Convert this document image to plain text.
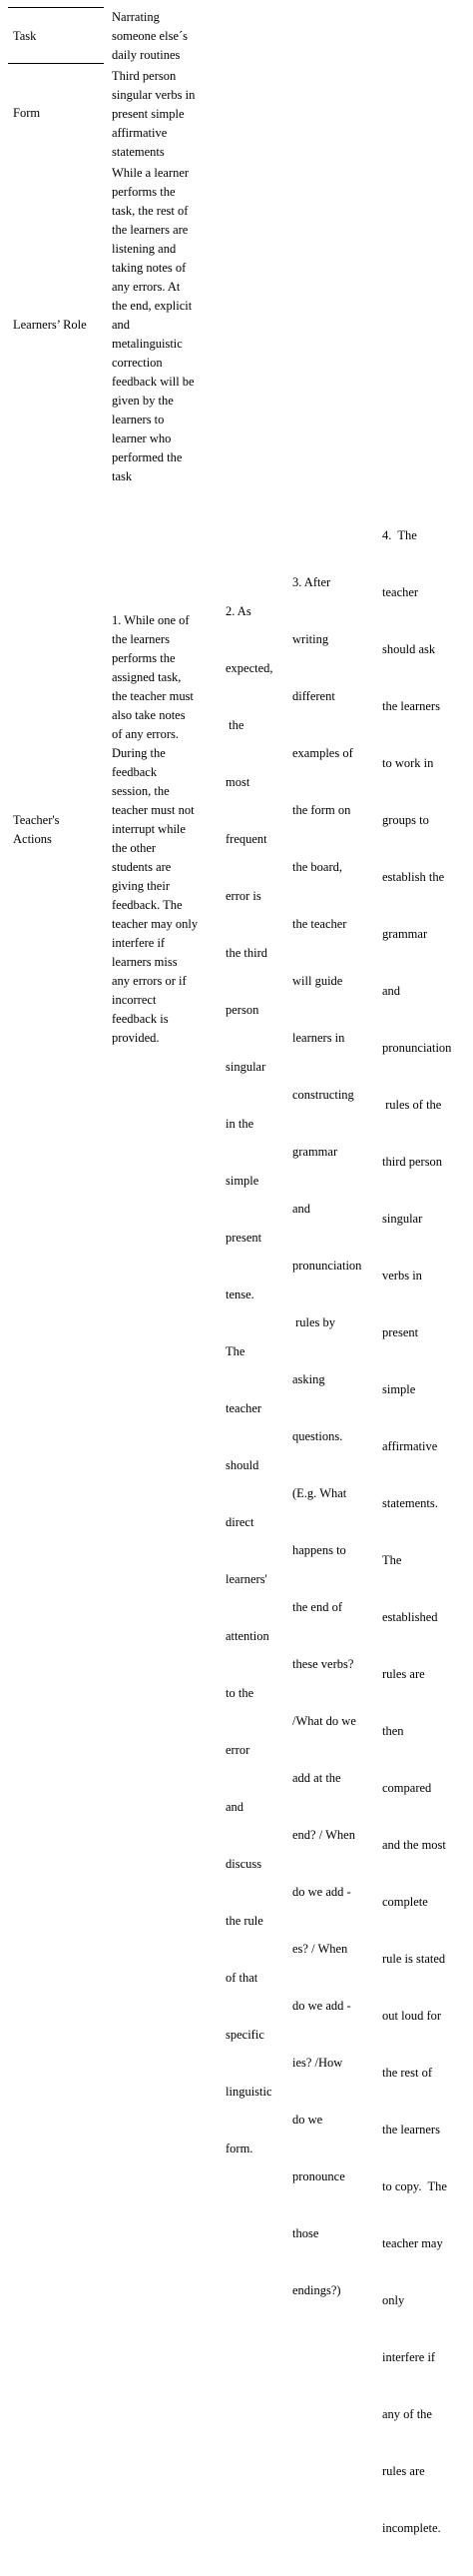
Task
Narrating
someone else´s
daily routines
Form
Third person
singular verbs in
present simple
affirmative
statements
Learners’ Role
While a learner
performs the
task, the rest of
the learners are
listening and
taking notes of
any errors. At
the end, explicit
and
metalinguistic
correction
feedback will be
given by the
learners to
learner who
performed the
task
Teacher's
Actions
1. While one of
the learners
performs the
assigned task,
the teacher must
also take notes
of any errors.
During the
feedback
session, the
teacher must not
interrupt while
the other
students are
giving their
feedback. The
teacher may only
interfere if
learners miss
any errors or if
incorrect
feedback is
provided.

2. As

expected,

the

most

frequent

error is

the third

person

singular

in the

simple

present

tense.

The

teacher

should

direct

learners'

attention

to the

error

and

discuss

the rule

of that

specific

linguistic

form.

3. After

writing

different

examples of

the form on

the board,

the teacher

will guide

learners in

constructing

grammar

and

pronunciation

rules by

asking

questions.

(E.g. What

happens to

the end of

these verbs?

/What do we

add at the

end? / When

do we add -

es? / When

do we add -

ies? /How

do we

pronounce

those

endings?)

4.  The

teacher

should ask

the learners

to work in

groups to

establish the

grammar

and

pronunciation

rules of the

third person

singular

verbs in

present

simple

affirmative

statements.

The

established

rules are

then

compared

and the most

complete

rule is stated

out loud for

the rest of

the learners

to copy.  The

teacher may

only

interfere if

any of the

rules are

incomplete.
